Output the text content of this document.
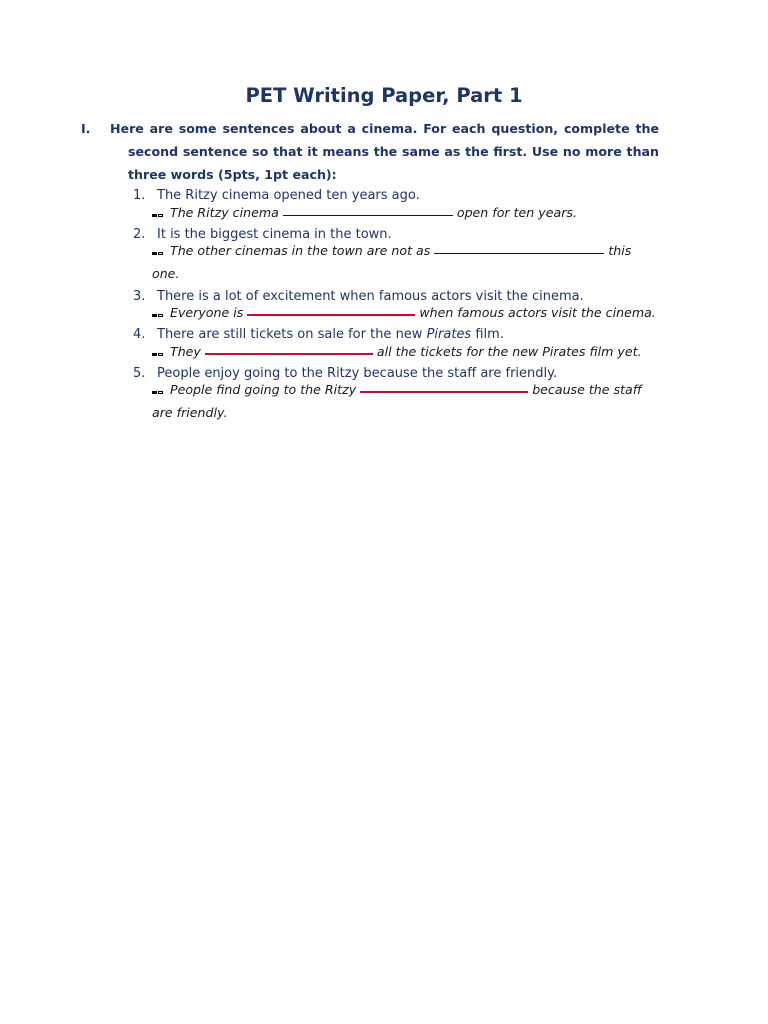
PET Writing Paper, Part 1
I.	Here are some sentences about a cinema. For each question, complete the second sentence so that it means the same as the first. Use no more than three words (5pts, 1pt each):
1. The Ritzy cinema opened ten years ago.
The Ritzy cinema	open for ten years.
2. It is the biggest cinema in the town.
The other cinemas in the town are not as	this one.
3. There is a lot of excitement when famous actors visit the cinema.
Everyone is	when famous actors visit the cinema.
4. There are still tickets on sale for the new Pirates film.
They	all the tickets for the new Pirates film yet.
5. People enjoy going to the Ritzy because the staff are friendly.
People find going to the Ritzy	because the staff are friendly.
